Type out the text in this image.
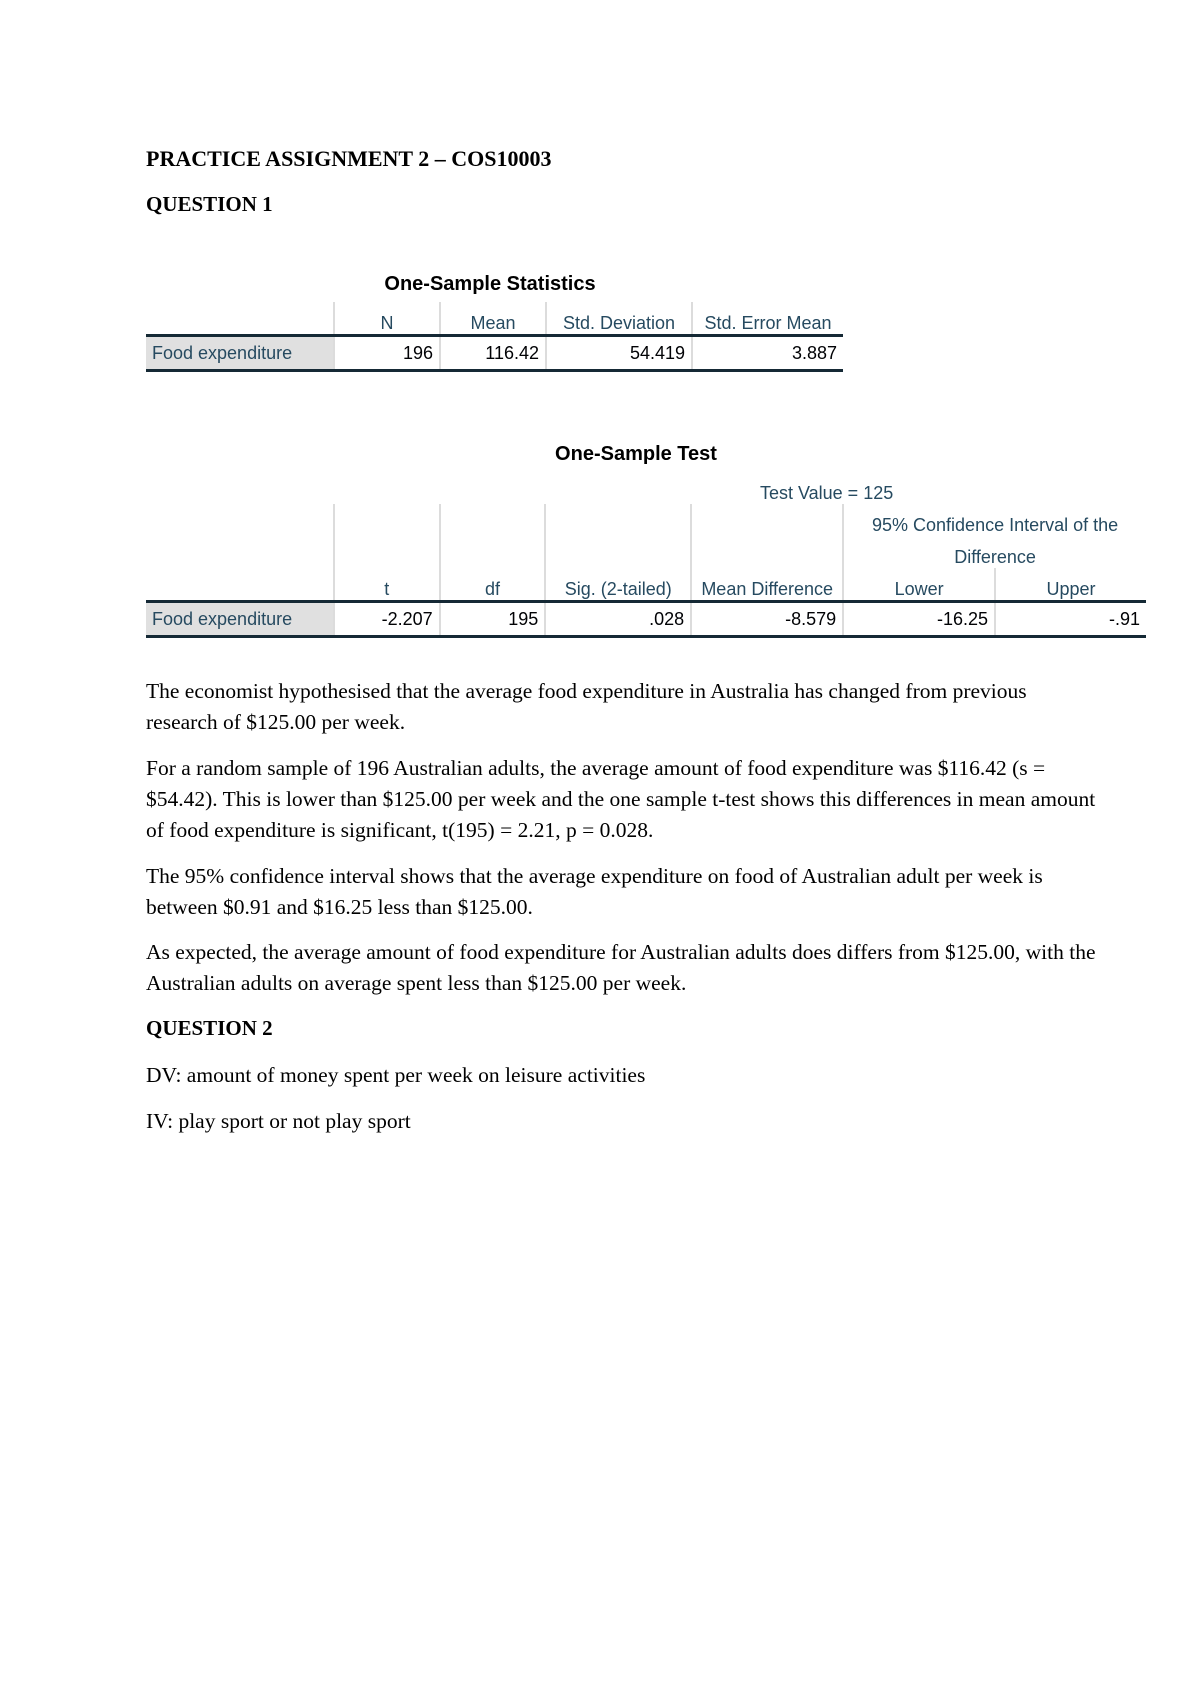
PRACTICE ASSIGNMENT 2 – COS10003

QUESTION 1

One-Sample Statistics
	N	Mean	Std. Deviation	Std. Error Mean
Food expenditure	196	116.42	54.419	3.887
One-Sample Test
				Test Value = 125		
					95% Confidence Interval of the	
					Difference	
	t	df	Sig. (2-tailed)	Mean Difference	Lower	Upper
Food expenditure	-2.207	195	.028	-8.579	-16.25	-.91

The economist hypothesised that the average food expenditure in Australia has changed from previous research of $125.00 per week.

For a random sample of 196 Australian adults, the average amount of food expenditure was $116.42 (s = $54.42). This is lower than $125.00 per week and the one sample t-test shows this differences in mean amount of food expenditure is significant, t(195) = 2.21, p = 0.028.

The 95% confidence interval shows that the average expenditure on food of Australian adult per week is between $0.91 and $16.25 less than $125.00.

As expected, the average amount of food expenditure for Australian adults does differs from $125.00, with the Australian adults on average spent less than $125.00 per week.

QUESTION 2

DV: amount of money spent per week on leisure activities

IV: play sport or not play sport
